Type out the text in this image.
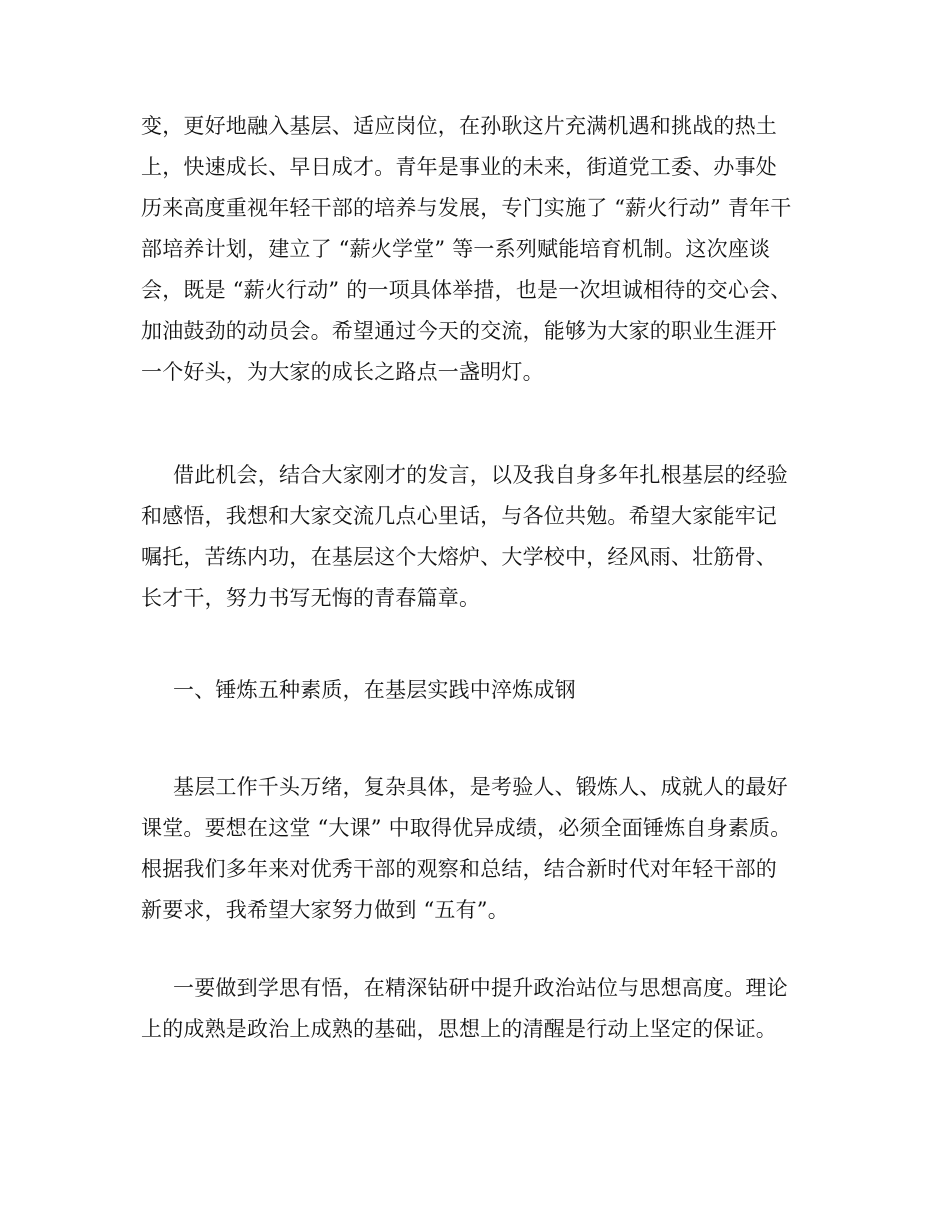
变，更好地融入基层、适应岗位，在孙耿这片充满机遇和挑战的热土
上，快速成长、早日成才。青年是事业的未来，街道党工委、办事处
历来高度重视年轻干部的培养与发展，专门实施了 “薪火行动” 青年干
部培养计划，建立了 “薪火学堂” 等一系列赋能培育机制。这次座谈
会，既是 “薪火行动” 的一项具体举措，也是一次坦诚相待的交心会、
加油鼓劲的动员会。希望通过今天的交流，能够为大家的职业生涯开
一个好头，为大家的成长之路点一盏明灯。
借此机会，结合大家刚才的发言，以及我自身多年扎根基层的经验
和感悟，我想和大家交流几点心里话，与各位共勉。希望大家能牢记
嘱托，苦练内功，在基层这个大熔炉、大学校中，经风雨、壮筋骨、
长才干，努力书写无悔的青春篇章。
一、锤炼五种素质，在基层实践中淬炼成钢
基层工作千头万绪，复杂具体，是考验人、锻炼人、成就人的最好
课堂。要想在这堂 “大课” 中取得优异成绩，必须全面锤炼自身素质。
根据我们多年来对优秀干部的观察和总结，结合新时代对年轻干部的
新要求，我希望大家努力做到 “五有”。
一要做到学思有悟，在精深钻研中提升政治站位与思想高度。理论
上的成熟是政治上成熟的基础，思想上的清醒是行动上坚定的保证。
